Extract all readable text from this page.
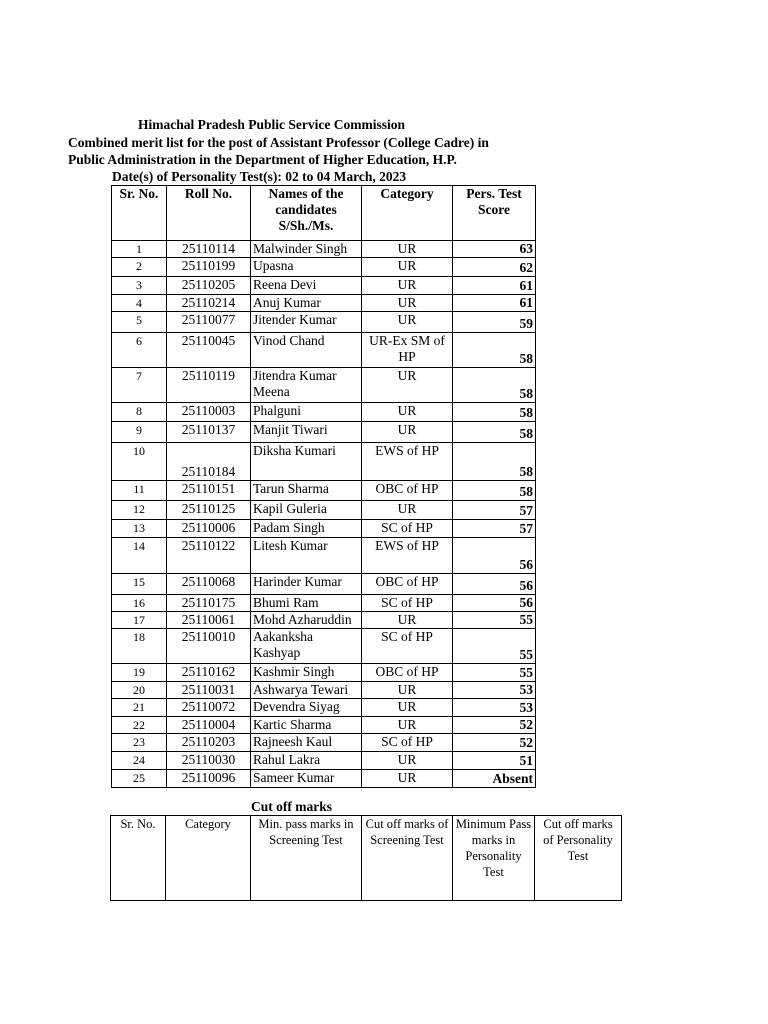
Himachal Pradesh Public Service Commission
Combined merit list for the post of Assistant Professor (College Cadre) in
Public Administration in the Department of Higher Education, H.P.
Date(s) of Personality Test(s): 02 to 04 March, 2023
Sr. No.	Roll No.	Names of the candidates S/Sh./Ms.	Category	Pers. Test Score
1	25110114	Malwinder Singh	UR	63
2	25110199	Upasna	UR	62
3	25110205	Reena Devi	UR	61
4	25110214	Anuj Kumar	UR	61
5	25110077	Jitender Kumar	UR	59
6	25110045	Vinod Chand	UR-Ex SM of HP	58
7	25110119	Jitendra Kumar Meena	UR	58
8	25110003	Phalguni	UR	58
9	25110137	Manjit Tiwari	UR	58
10	25110184	Diksha Kumari	EWS of HP	58
11	25110151	Tarun Sharma	OBC of HP	58
12	25110125	Kapil Guleria	UR	57
13	25110006	Padam Singh	SC of HP	57
14	25110122	Litesh Kumar	EWS of HP	56
15	25110068	Harinder Kumar	OBC of HP	56
16	25110175	Bhumi Ram	SC of HP	56
17	25110061	Mohd Azharuddin	UR	55
18	25110010	Aakanksha Kashyap	SC of HP	55
19	25110162	Kashmir Singh	OBC of HP	55
20	25110031	Ashwarya Tewari	UR	53
21	25110072	Devendra Siyag	UR	53
22	25110004	Kartic Sharma	UR	52
23	25110203	Rajneesh Kaul	SC of HP	52
24	25110030	Rahul Lakra	UR	51
25	25110096	Sameer Kumar	UR	Absent
Cut off marks
Sr. No.	Category	Min. pass marks in Screening Test	Cut off marks of Screening Test	Minimum Pass marks in Personality Test	Cut off marks of Personality Test
